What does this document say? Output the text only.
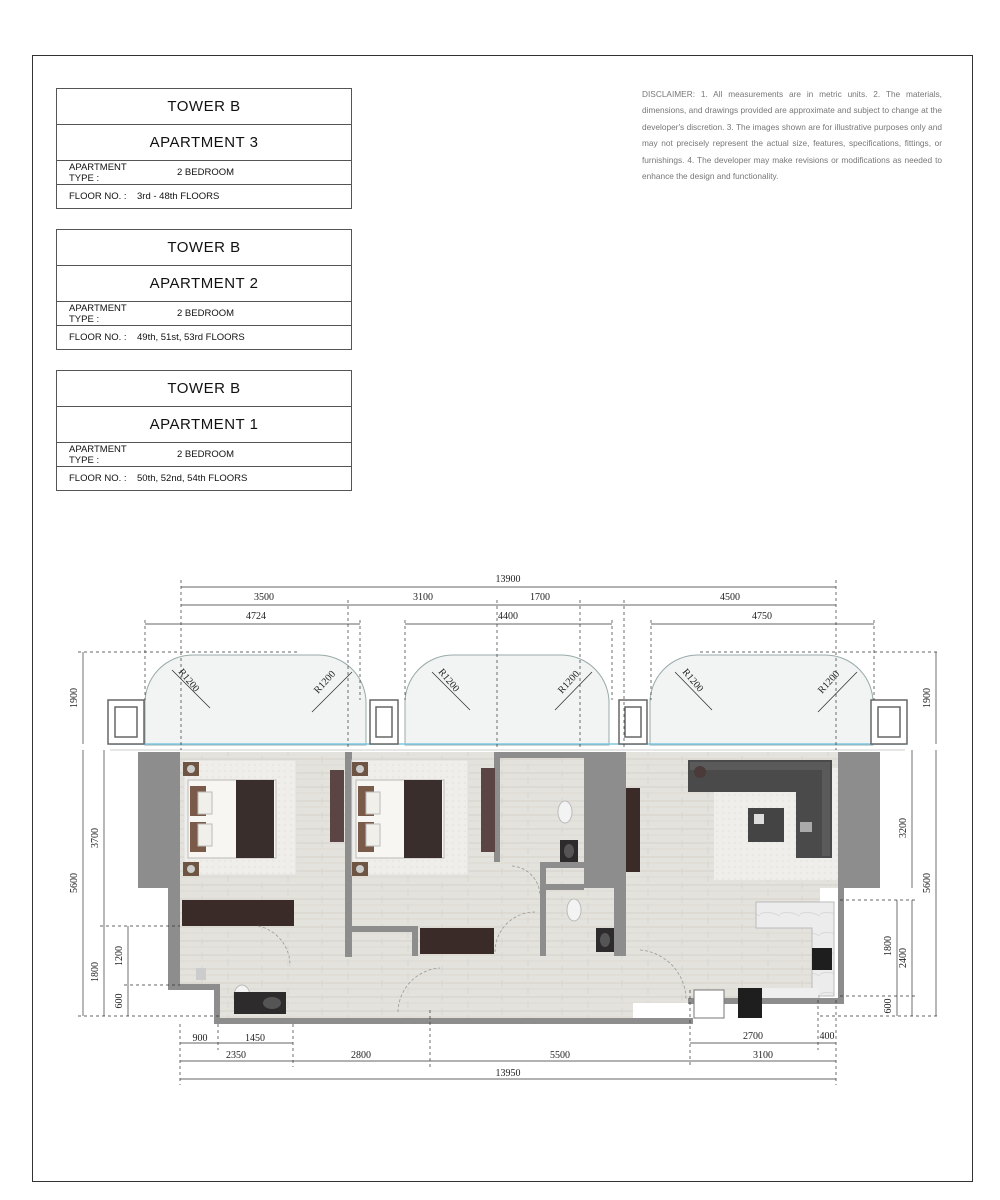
TOWER B
APARTMENT 3
APARTMENT TYPE :	2 BEDROOM
FLOOR NO. :	3rd - 48th FLOORS
TOWER B
APARTMENT 2
APARTMENT TYPE :	2 BEDROOM
FLOOR NO. :	49th, 51st, 53rd FLOORS
TOWER B
APARTMENT 1
APARTMENT TYPE :	2 BEDROOM
FLOOR NO. :	50th, 52nd, 54th FLOORS
DISCLAIMER: 1. All measurements are in metric units. 2. The materials, dimensions, and drawings provided are approximate and subject to change at the developer's discretion. 3. The images shown are for illustrative purposes only and may not precisely represent the actual size, features, specifications, fittings, or furnishings. 4. The developer may make revisions or modifications as needed to enhance the design and functionality.
R1200	R1200	R1200	R1200	R1200	R1200
13900
3500	3100	1700	4500
4724	4400	4750
1900
3700
5600
1200
1800
600
1900
3200
5600
1800
2400
600
900	1450
2350	2800	5500
2700	400
3100
13950
